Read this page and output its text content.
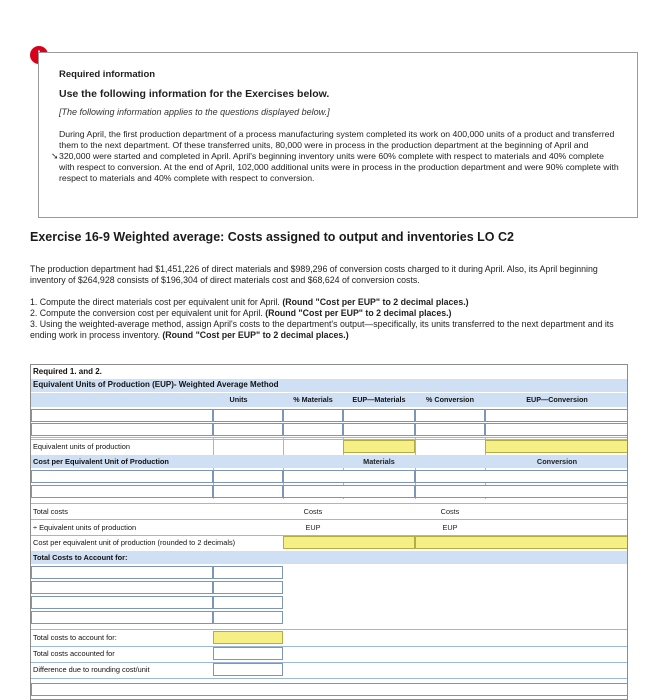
Required information
Use the following information for the Exercises below.
[The following information applies to the questions displayed below.]
➘
During April, the first production department of a process manufacturing system completed its work on 400,000 units of a product and transferred them to the next department. Of these transferred units, 80,000 were in process in the production department at the beginning of April and 320,000 were started and completed in April. April's beginning inventory units were 60% complete with respect to materials and 40% complete with respect to conversion. At the end of April, 102,000 additional units were in process in the production department and were 90% complete with respect to materials and 40% complete with respect to conversion.
Exercise 16-9 Weighted average: Costs assigned to output and inventories LO C2
The production department had $1,451,226 of direct materials and $989,296 of conversion costs charged to it during April. Also, its April beginning inventory of $264,928 consists of $196,304 of direct materials cost and $68,624 of conversion costs.
1. Compute the direct materials cost per equivalent unit for April. (Round "Cost per EUP" to 2 decimal places.)
2. Compute the conversion cost per equivalent unit for April. (Round "Cost per EUP" to 2 decimal places.)
3. Using the weighted-average method, assign April's costs to the department's output—specifically, its units transferred to the next department and its ending work in process inventory. (Round "Cost per EUP" to 2 decimal places.)
Required 1. and 2.
Equivalent Units of Production (EUP)- Weighted Average Method
Units	% Materials	EUP—Materials	% Conversion	EUP—Conversion
Equivalent units of production
Cost per Equivalent Unit of Production	Materials	Conversion
Total costs	Costs	Costs
÷ Equivalent units of production	EUP	EUP
Cost per equivalent unit of production (rounded to 2 decimals)
Total Costs to Account for:
Total costs to account for:
Total costs accounted for
Difference due to rounding cost/unit
